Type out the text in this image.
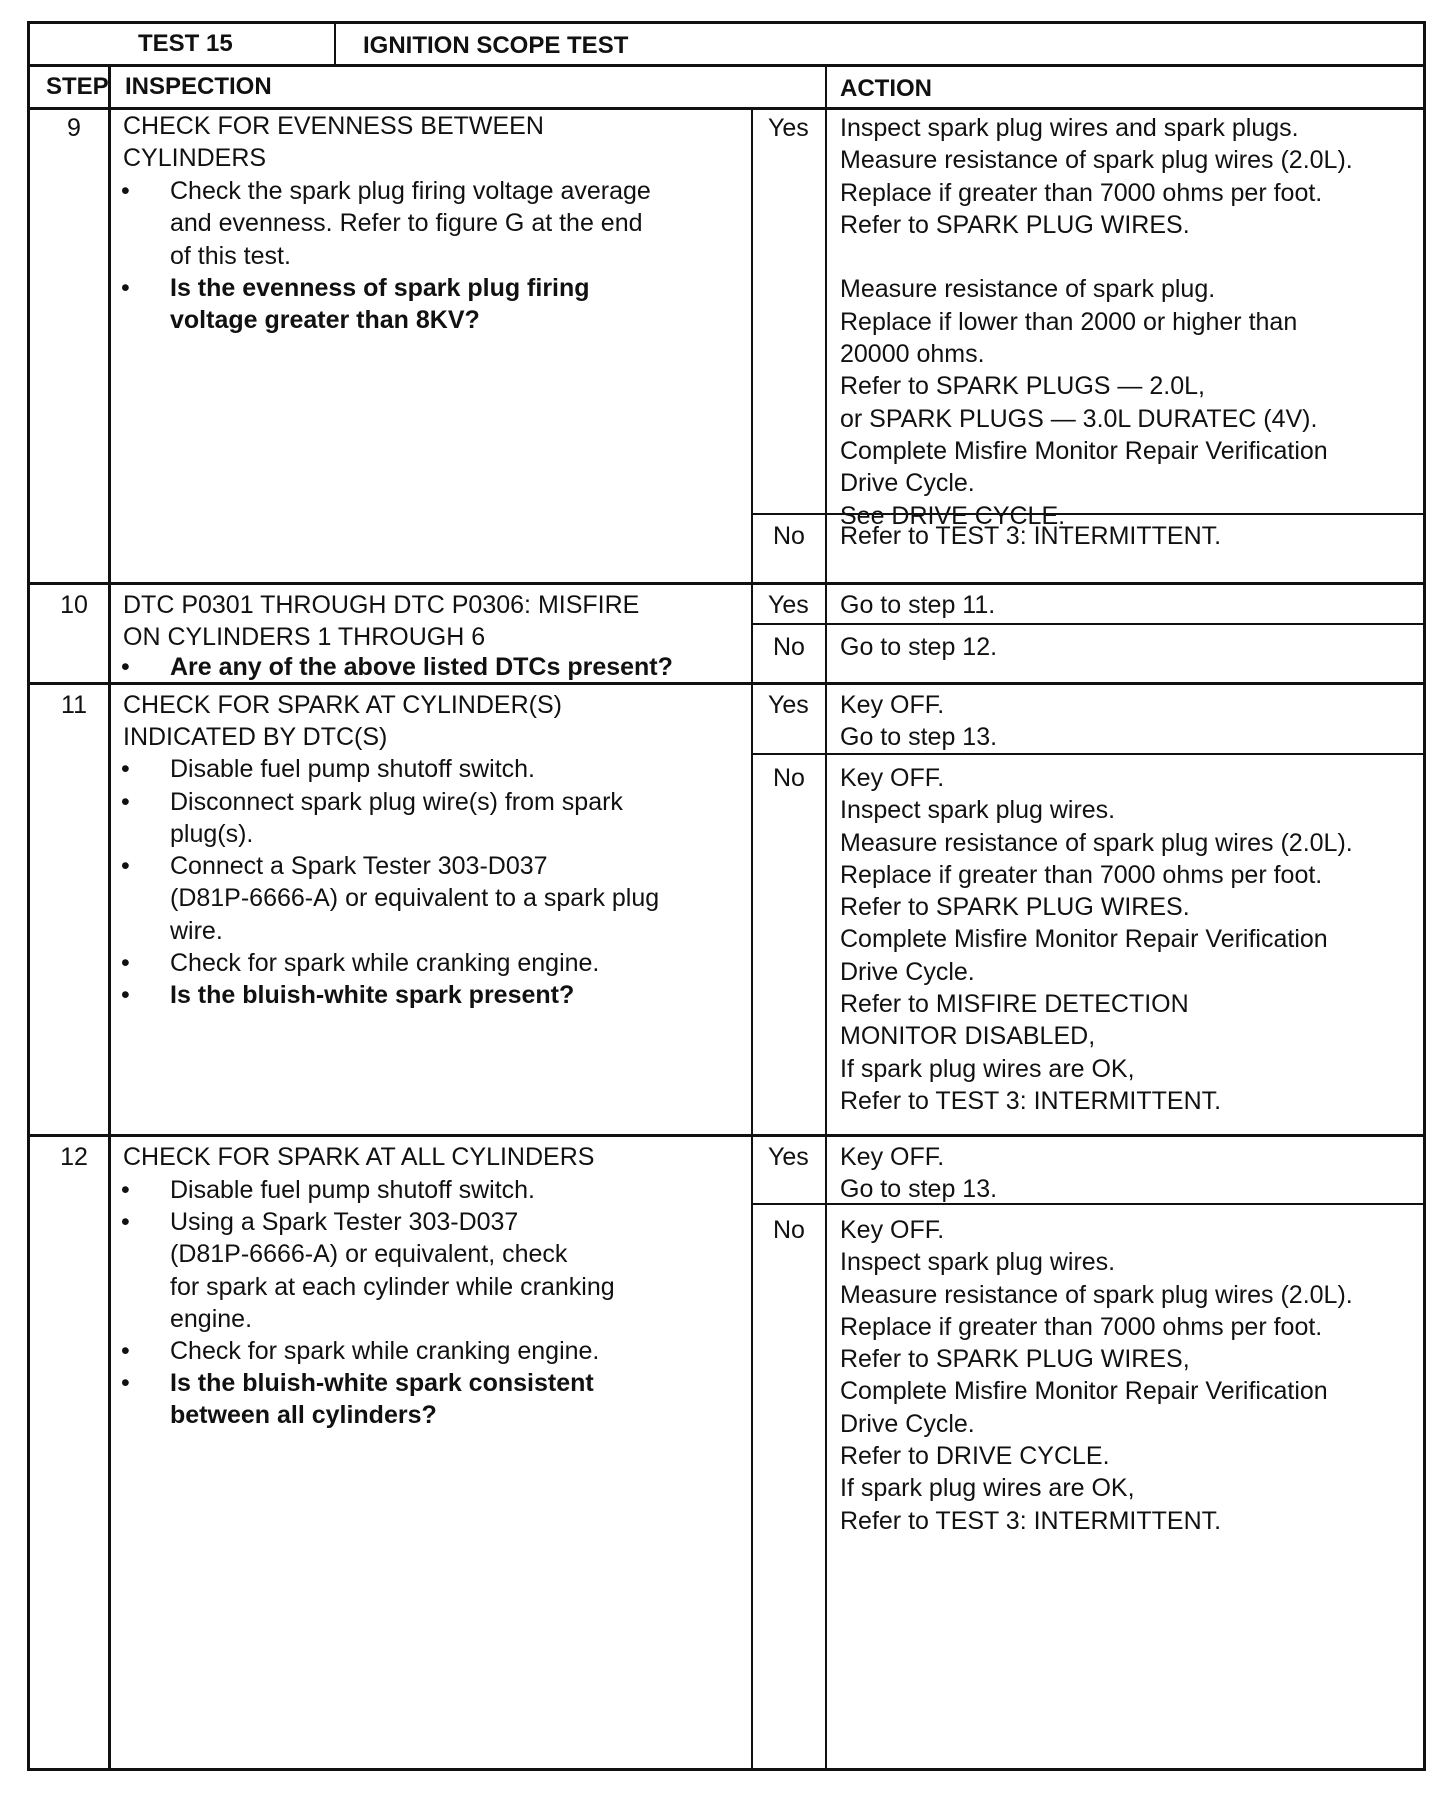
TEST 15	IGNITION SCOPE TEST
STEP INSPECTION	ACTION
9	CHECK FOR EVENNESS BETWEEN
CYLINDERS
• Check the spark plug firing voltage average
and evenness. Refer to figure G at the end
of this test.
• Is the evenness of spark plug firing
voltage greater than 8KV?
Yes Inspect spark plug wires and spark plugs.
Measure resistance of spark plug wires (2.0L).
Replace if greater than 7000 ohms per foot.
Refer to SPARK PLUG WIRES.
Measure resistance of spark plug.
Replace if lower than 2000 or higher than
20000 ohms.
Refer to SPARK PLUGS — 2.0L,
or SPARK PLUGS — 3.0L DURATEC (4V).
Complete Misfire Monitor Repair Verification
Drive Cycle.
See DRIVE CYCLE.
No Refer to TEST 3: INTERMITTENT.
10	DTC P0301 THROUGH DTC P0306: MISFIRE
ON CYLINDERS 1 THROUGH 6
• Are any of the above listed DTCs present?
Yes Go to step 11.
No Go to step 12.
11	CHECK FOR SPARK AT CYLINDER(S)
INDICATED BY DTC(S)
• Disable fuel pump shutoff switch.
• Disconnect spark plug wire(s) from spark
plug(s).
• Connect a Spark Tester 303-D037
(D81P-6666-A) or equivalent to a spark plug
wire.
• Check for spark while cranking engine.
• Is the bluish-white spark present?
Yes Key OFF.
Go to step 13.
No Key OFF.
Inspect spark plug wires.
Measure resistance of spark plug wires (2.0L).
Replace if greater than 7000 ohms per foot.
Refer to SPARK PLUG WIRES.
Complete Misfire Monitor Repair Verification
Drive Cycle.
Refer to MISFIRE DETECTION
MONITOR DISABLED,
If spark plug wires are OK,
Refer to TEST 3: INTERMITTENT.
12	CHECK FOR SPARK AT ALL CYLINDERS
• Disable fuel pump shutoff switch.
• Using a Spark Tester 303-D037
(D81P-6666-A) or equivalent, check
for spark at each cylinder while cranking
engine.
• Check for spark while cranking engine.
• Is the bluish-white spark consistent
between all cylinders?
Yes Key OFF.
Go to step 13.
No Key OFF.
Inspect spark plug wires.
Measure resistance of spark plug wires (2.0L).
Replace if greater than 7000 ohms per foot.
Refer to SPARK PLUG WIRES,
Complete Misfire Monitor Repair Verification
Drive Cycle.
Refer to DRIVE CYCLE.
If spark plug wires are OK,
Refer to TEST 3: INTERMITTENT.
